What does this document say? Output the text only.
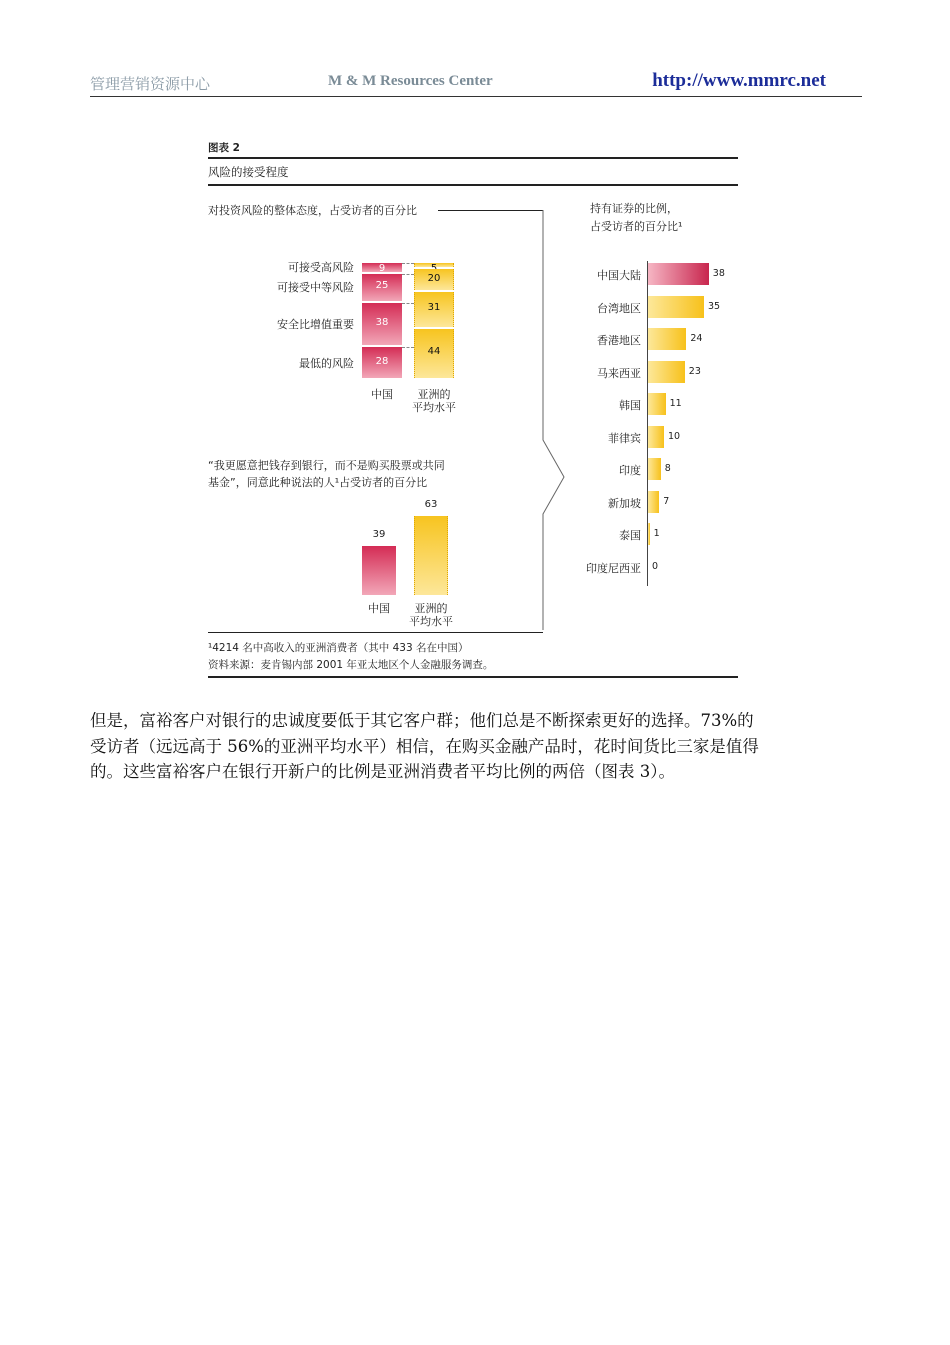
管理营销资源中心	M & M Resources Center	http://www.mmrc.net
图表 2
风险的接受程度
对投资风险的整体态度，占受访者的百分比	持有证券的比例，
占受访者的百分比¹
9
25
38
28
20
31
44
可接受高风险
可接受中等风险
安全比增值重要
最低的风险
中国	亚洲的
平均水平
“我更愿意把钱存到银行，而不是购买股票或共同
基金”，同意此种说法的人¹占受访者的百分比
39
63
中国	亚洲的
平均水平
中国大陆	38
台湾地区	35
香港地区	24
马来西亚	23
韩国	11
菲律宾	10
印度	8
新加坡 7
泰国 1
印度尼西亚 0
¹4214 名中高收入的亚洲消费者（其中 433 名在中国）
资料来源：麦肯锡内部 2001 年亚太地区个人金融服务调查。
但是，富裕客户对银行的忠诚度要低于其它客户群；他们总是不断探索更好的选择。73%的
受访者（远远高于 56%的亚洲平均水平）相信，在购买金融产品时，花时间货比三家是值得
的。这些富裕客户在银行开新户的比例是亚洲消费者平均比例的两倍（图表 3）。
